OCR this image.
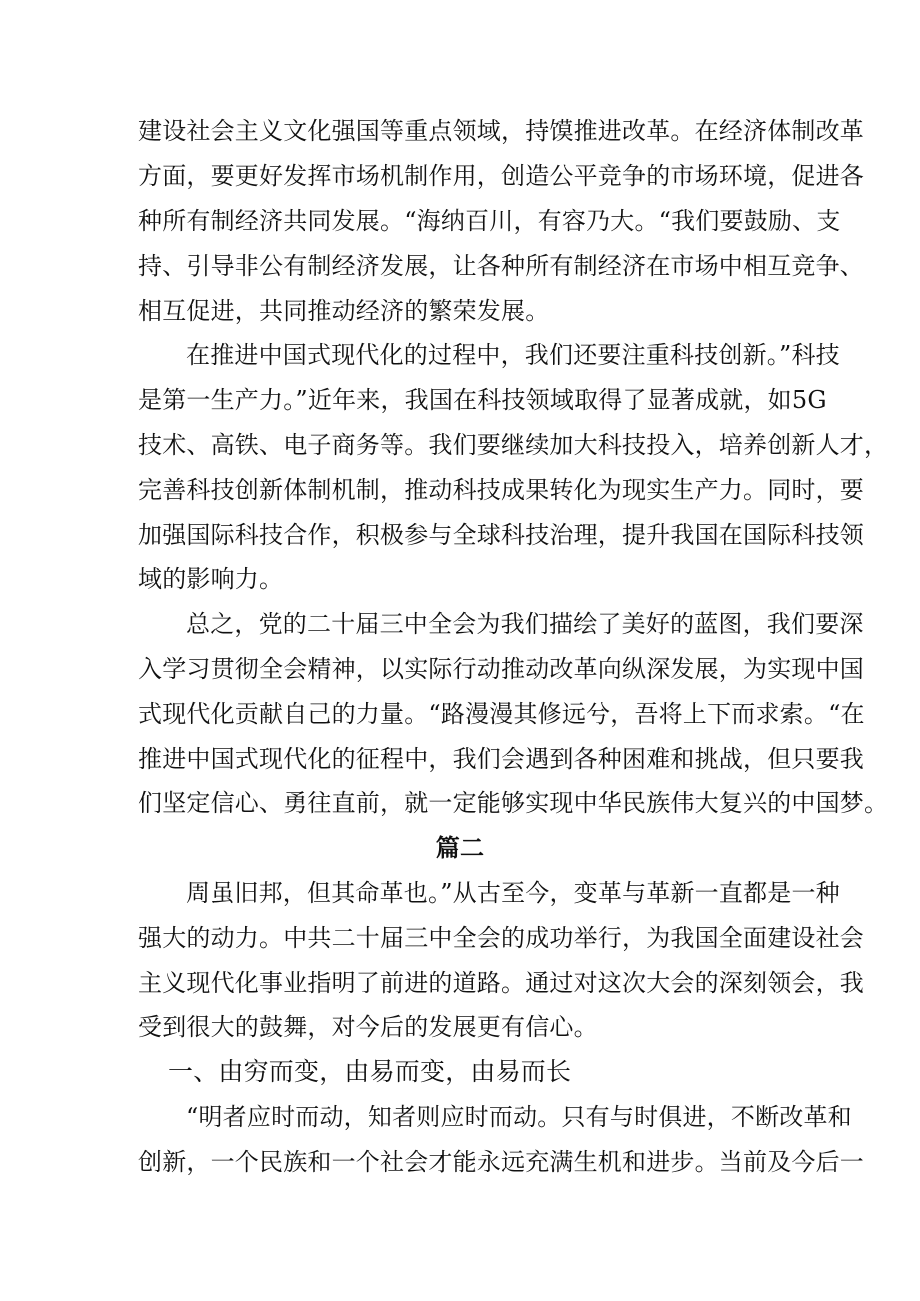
建设社会主义文化强国等重点领域，持馍推进改革。在经济体制改革
方面，要更好发挥市场机制作用，创造公平竞争的市场环境，促进各
种所有制经济共同发展。“海纳百川，有容乃大。“我们要鼓励、支
持、引导非公有制经济发展，让各种所有制经济在市场中相互竞争、
相互促进，共同推动经济的繁荣发展。
在推进中国式现代化的过程中，我们还要注重科技创新。”科技
是第一生产力。”近年来，我国在科技领域取得了显著成就，如5G
技术、高铁、电子商务等。我们要继续加大科技投入，培养创新人才，
完善科技创新体制机制，推动科技成果转化为现实生产力。同时，要
加强国际科技合作，积极参与全球科技治理，提升我国在国际科技领
域的影响力。
总之，党的二十届三中全会为我们描绘了美好的蓝图，我们要深
入学习贯彻全会精神，以实际行动推动改革向纵深发展，为实现中国
式现代化贡献自己的力量。“路漫漫其修远兮，吾将上下而求索。“在
推进中国式现代化的征程中，我们会遇到各种困难和挑战，但只要我
们坚定信心、勇往直前，就一定能够实现中华民族伟大复兴的中国梦。
篇二
周虽旧邦，但其命革也。”从古至今，变革与革新一直都是一种
强大的动力。中共二十届三中全会的成功举行，为我国全面建设社会
主义现代化事业指明了前进的道路。通过对这次大会的深刻领会，我
受到很大的鼓舞，对今后的发展更有信心。
一、由穷而变，由易而变，由易而长
“明者应时而动，知者则应时而动。只有与时俱进，不断改革和
创新，一个民族和一个社会才能永远充满生机和进步。当前及今后一
